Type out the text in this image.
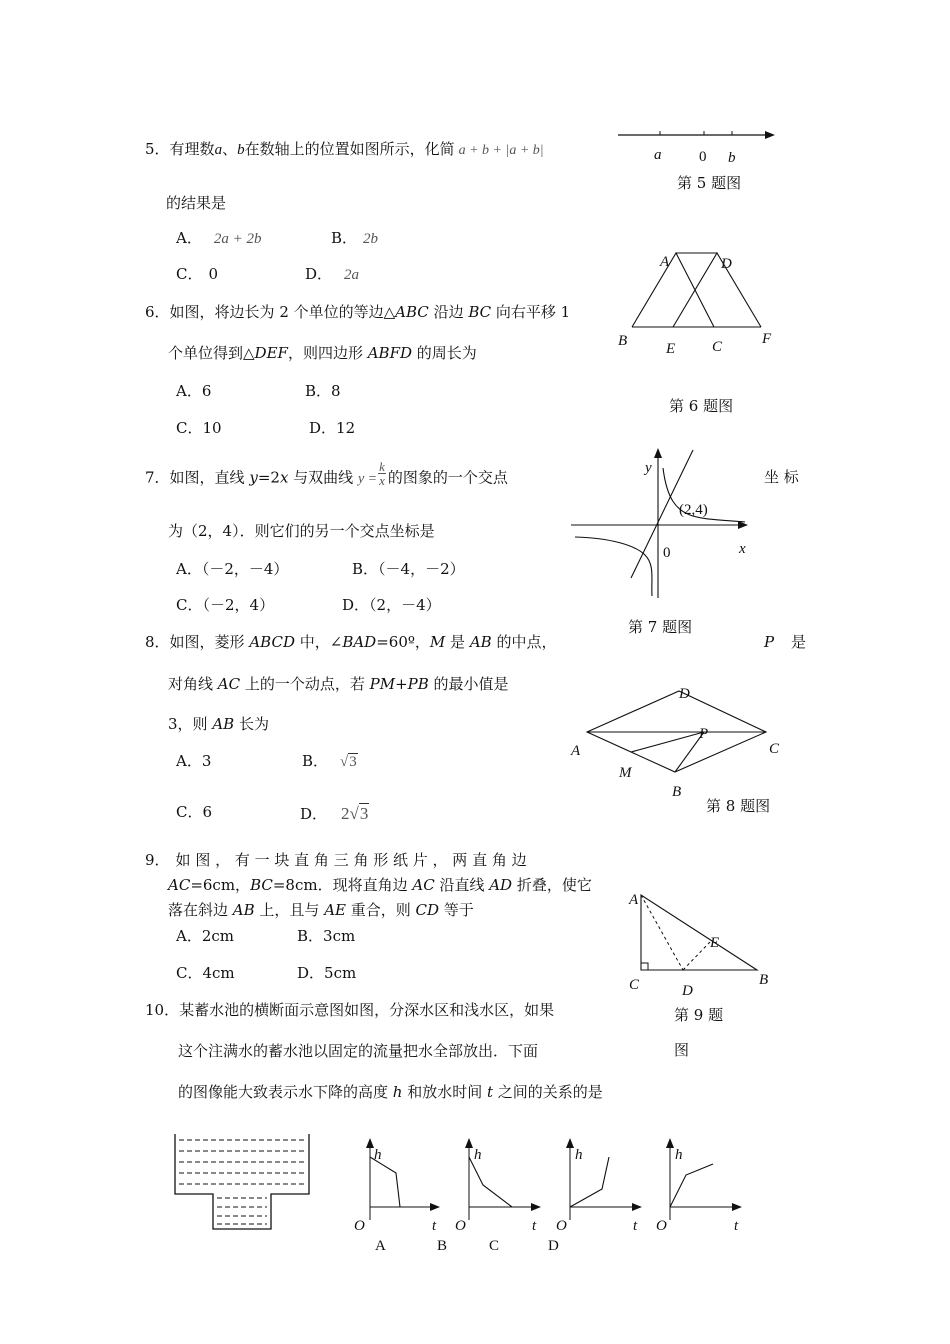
5．有理数a、b在数轴上的位置如图所示，化简 a + b + |a + b|
的结果是
A． 2a + 2b	B． 2b
C． 0	D． 2a
a	0 b
第 5 题图
6．如图，将边长为 2 个单位的等边△ABC 沿边 BC 向右平移 1
个单位得到△DEF，则四边形 ABFD 的周长为
A．6	B．8
C．10	D．12
A	D
B	E C	F
第 6 题图
7．如图，直线 y=2x 与双曲线 $y = \frac{k}{x}$ 的图象的一个交点	坐 标
为（2，4）．则它们的另一个交点坐标是
A．（－2，－4）	B．（－4，－2）
C．（－2，4）	D．（2，－4）
y
x
0
(2,4)
第 7 题图
8．如图，菱形 ABCD 中，∠BAD=60º，M 是 AB 的中点，	P 是
对角线 AC 上的一个动点，若 PM+PB 的最小值是
3，则 AB 长为
A．3	B． √3
C．6	D． 2√3
D
A
P
C
M
B
第 8 题图
9． 如 图 ， 有 一 块 直 角 三 角 形 纸 片 ， 两 直 角 边
AC=6cm，BC=8cm．现将直角边 AC 沿直线 AD 折叠，使它
落在斜边 AB 上，且与 AE 重合，则 CD 等于
A．2cm	B．3cm
C．4cm	D．5cm
A
E
C	D
B
第 9 题
图
10．某蓄水池的横断面示意图如图，分深水区和浅水区，如果
这个注满水的蓄水池以固定的流量把水全部放出．下面
的图像能大致表示水下降的高度 h 和放水时间 t 之间的关系的是
h
O	t
h
O	t
h
O	t
h
O	t
A	B	C	D
